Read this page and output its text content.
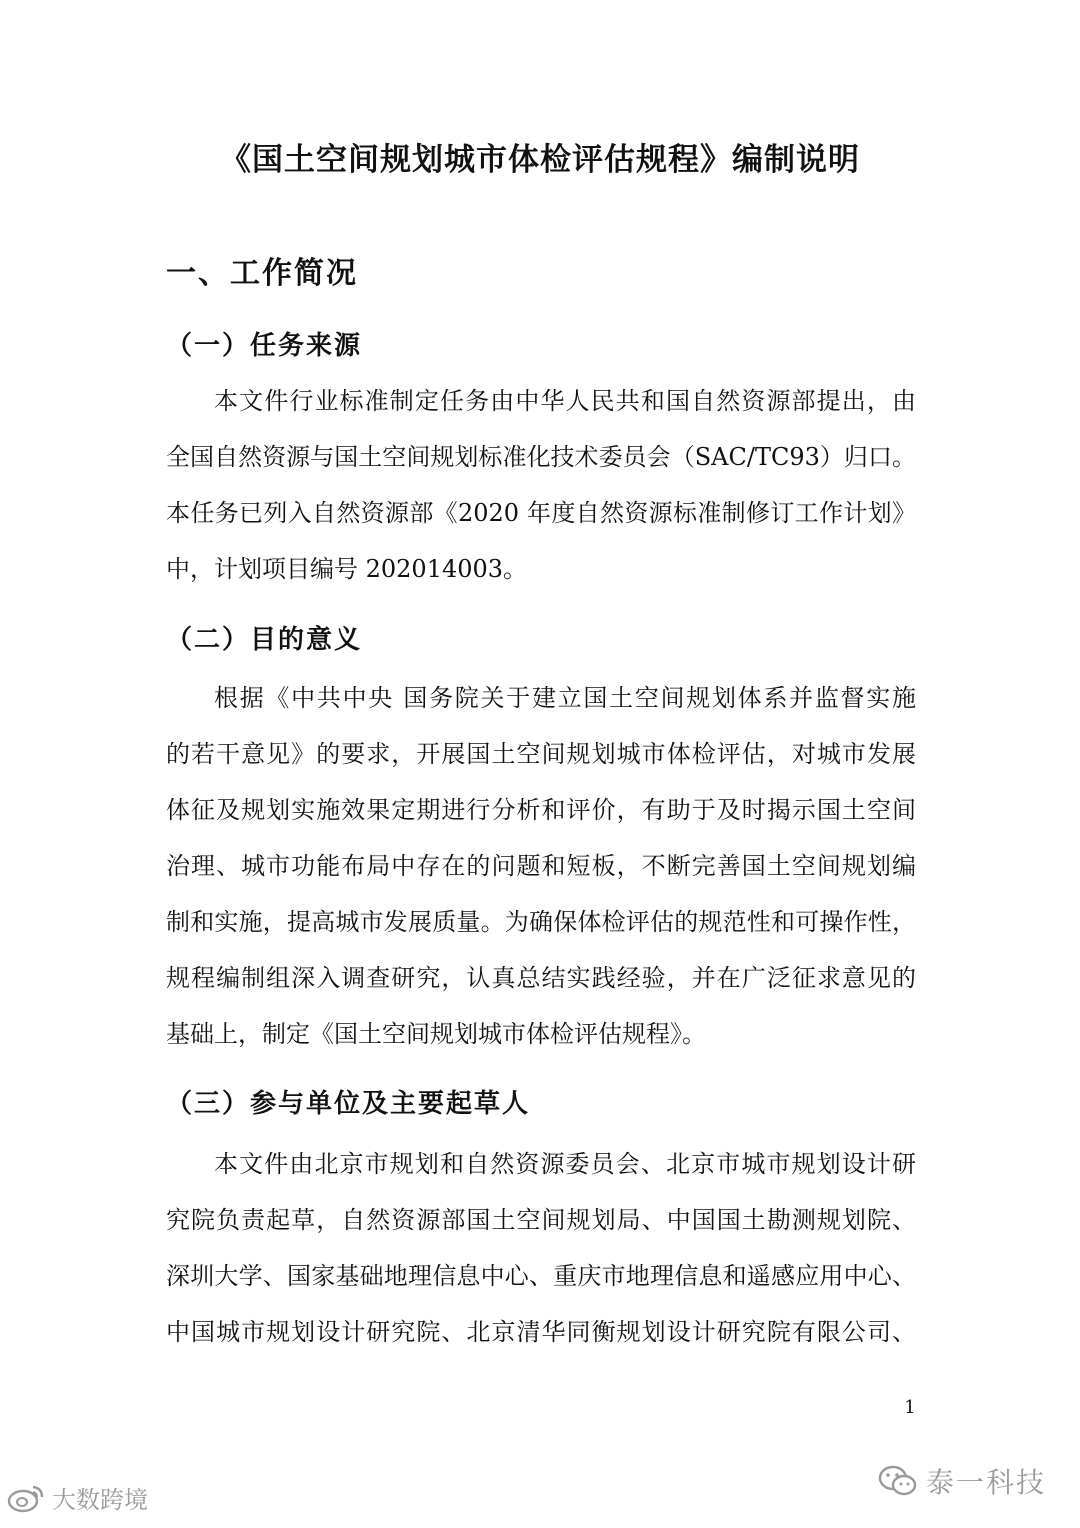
《国土空间规划城市体检评估规程》编制说明
一、工作简况
（一）任务来源
本文件行业标准制定任务由中华人民共和国自然资源部提出，由
全国自然资源与国土空间规划标准化技术委员会（SAC/TC93）归口。
本任务已列入自然资源部《2020 年度自然资源标准制修订工作计划》
中，计划项目编号 202014003。
（二）目的意义
根据《中共中央 国务院关于建立国土空间规划体系并监督实施
的若干意见》的要求，开展国土空间规划城市体检评估，对城市发展
体征及规划实施效果定期进行分析和评价，有助于及时揭示国土空间
治理、城市功能布局中存在的问题和短板，不断完善国土空间规划编
制和实施，提高城市发展质量。为确保体检评估的规范性和可操作性，
规程编制组深入调查研究，认真总结实践经验，并在广泛征求意见的
基础上，制定《国土空间规划城市体检评估规程》。
（三）参与单位及主要起草人
本文件由北京市规划和自然资源委员会、北京市城市规划设计研
究院负责起草，自然资源部国土空间规划局、中国国土勘测规划院、
深圳大学、国家基础地理信息中心、重庆市地理信息和遥感应用中心、
中国城市规划设计研究院、北京清华同衡规划设计研究院有限公司、
1
泰一科技
大数跨境
